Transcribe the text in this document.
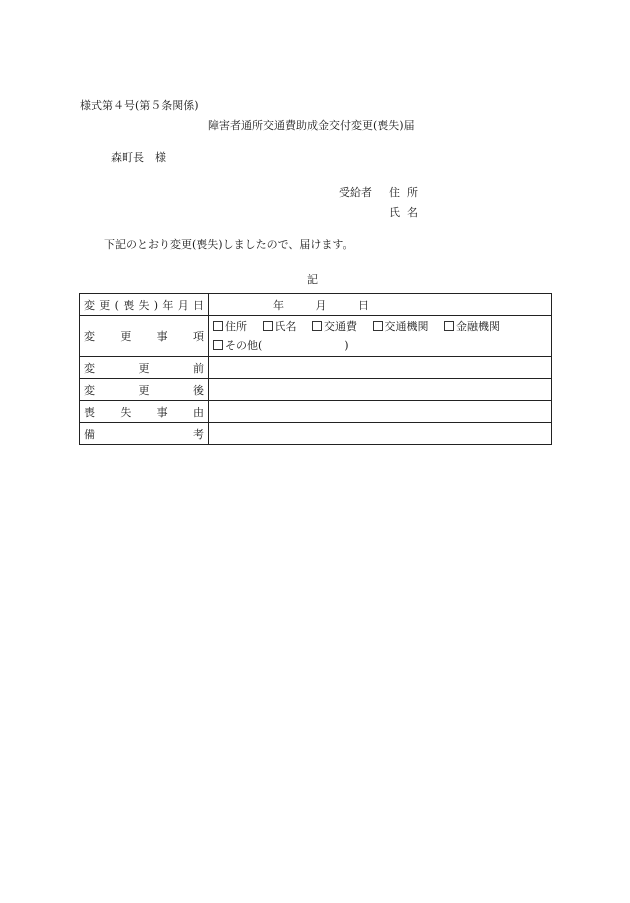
様式第４号(第５条関係)
障害者通所交通費助成金交付変更(喪失)届
森町長　様
受給者 住所
氏名
下記のとおり変更(喪失)しましたので、届けます。
記
変更(喪失)年月日	年 月 日
変更事項	住所 氏名 交通費 交通機関 金融機関
その他( )

変更前	
変更後	
喪失事由	
備考	
